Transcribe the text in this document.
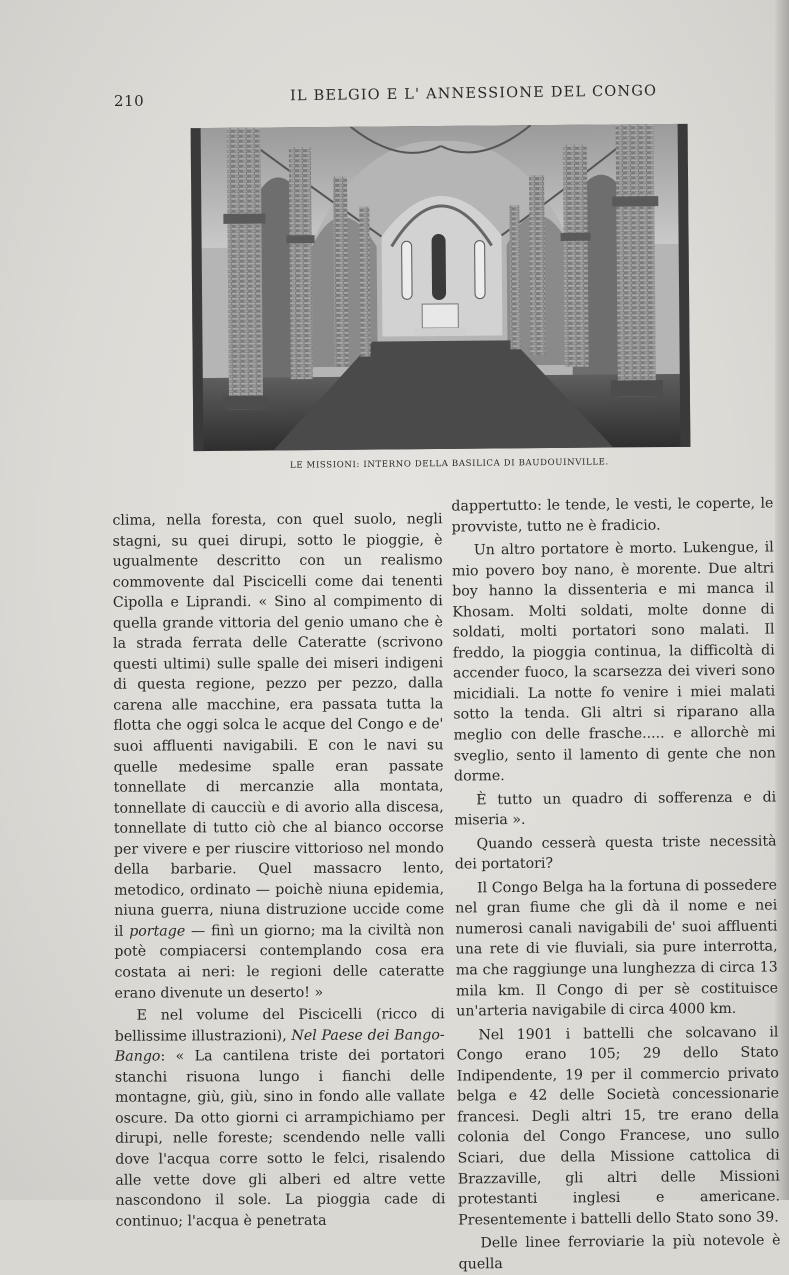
210	IL BELGIO E L' ANNESSIONE DEL CONGO
LE MISSIONI: INTERNO DELLA BASILICA DI BAUDOUINVILLE.

clima, nella foresta, con quel suolo, negli stagni, su quei dirupi, sotto le pioggie, è ugualmente descritto con un realismo commovente dal Piscicelli come dai tenenti Cipolla e Liprandi. « Sino al compimento di quella grande vittoria del genio umano che è la strada ferrata delle Cateratte (scrivono questi ultimi) sulle spalle dei miseri indigeni di questa regione, pezzo per pezzo, dalla carena alle macchine, era passata tutta la flotta che oggi solca le acque del Congo e de' suoi affluenti navigabili. E con le navi su quelle medesime spalle eran passate tonnellate di mercanzie alla montata, tonnellate di caucciù e di avorio alla discesa, tonnellate di tutto ciò che al bianco occorse per vivere e per riuscire vittorioso nel mondo della barbarie. Quel massacro lento, metodico, ordinato — poichè niuna epidemia, niuna guerra, niuna distruzione uccide come il portage — finì un giorno; ma la civiltà non potè compiacersi contemplando cosa era costata ai neri: le regioni delle cateratte erano divenute un deserto! »

E nel volume del Piscicelli (ricco di bellissime illustrazioni), Nel Paese dei Bango-Bango: « La cantilena triste dei portatori stanchi risuona lungo i fianchi delle montagne, giù, giù, sino in fondo alle vallate oscure. Da otto giorni ci arrampichiamo per dirupi, nelle foreste; scendendo nelle valli dove l'acqua corre sotto le felci, risalendo alle vette dove gli alberi ed altre vette nascondono il sole. La pioggia cade di continuo; l'acqua è penetrata

dappertutto: le tende, le vesti, le coperte, le provviste, tutto ne è fradicio.

Un altro portatore è morto. Lukengue, il mio povero boy nano, è morente. Due altri boy hanno la dissenteria e mi manca il Khosam. Molti soldati, molte donne di soldati, molti portatori sono malati. Il freddo, la pioggia continua, la difficoltà di accender fuoco, la scarsezza dei viveri sono micidiali. La notte fo venire i miei malati sotto la tenda. Gli altri si riparano alla meglio con delle frasche..... e allorchè mi sveglio, sento il lamento di gente che non dorme.

È tutto un quadro di sofferenza e di miseria ».

Quando cesserà questa triste necessità dei portatori?

Il Congo Belga ha la fortuna di possedere nel gran fiume che gli dà il nome e nei numerosi canali navigabili de' suoi affluenti una rete di vie fluviali, sia pure interrotta, ma che raggiunge una lunghezza di circa 13 mila km. Il Congo di per sè costituisce un'arteria navigabile di circa 4000 km.

Nel 1901 i battelli che solcavano il Congo erano 105; 29 dello Stato Indipendente, 19 per il commercio privato belga e 42 delle Società concessionarie francesi. Degli altri 15, tre erano della colonia del Congo Francese, uno sullo Sciari, due della Missione cattolica di Brazzaville, gli altri delle Missioni protestanti inglesi e americane. Presentemente i battelli dello Stato sono 39.

Delle linee ferroviarie la più notevole è quella
